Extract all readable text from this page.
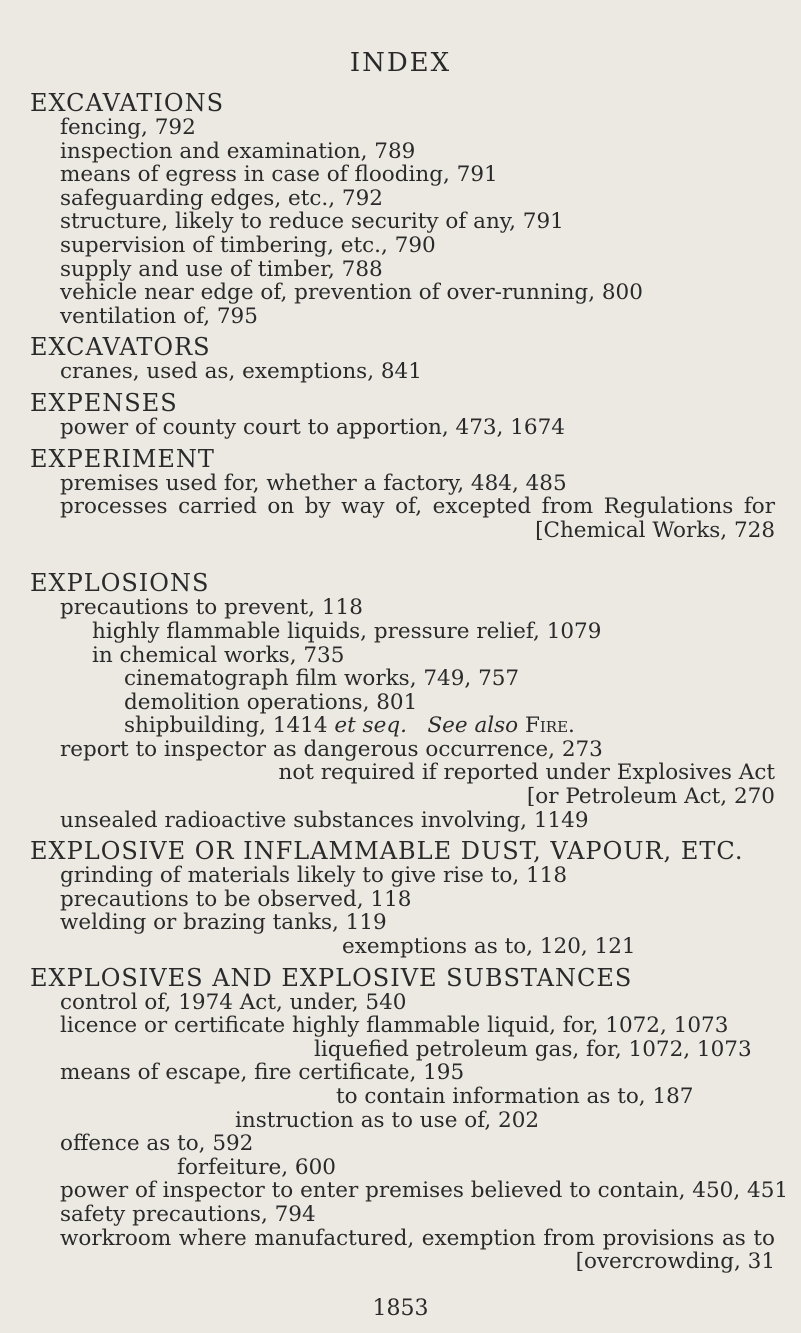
INDEX
EXCAVATIONS
fencing, 792
inspection and examination, 789
means of egress in case of flooding, 791
safeguarding edges, etc., 792
structure, likely to reduce security of any, 791
supervision of timbering, etc., 790
supply and use of timber, 788
vehicle near edge of, prevention of over-running, 800
ventilation of, 795
EXCAVATORS
cranes, used as, exemptions, 841
EXPENSES
power of county court to apportion, 473, 1674
EXPERIMENT
premises used for, whether a factory, 484, 485
processes carried on by way of, excepted from Regulations for
[Chemical Works, 728
EXPLOSIONS
precautions to prevent, 118
highly flammable liquids, pressure relief, 1079
in chemical works, 735
cinematograph film works, 749, 757
demolition operations, 801
shipbuilding, 1414 et seq. See also Fire.
report to inspector as dangerous occurrence, 273
not required if reported under Explosives Act
[or Petroleum Act, 270
unsealed radioactive substances involving, 1149
EXPLOSIVE OR INFLAMMABLE DUST, VAPOUR, ETC.
grinding of materials likely to give rise to, 118
precautions to be observed, 118
welding or brazing tanks, 119
exemptions as to, 120, 121
EXPLOSIVES AND EXPLOSIVE SUBSTANCES
control of, 1974 Act, under, 540
licence or certificate highly flammable liquid, for, 1072, 1073
liquefied petroleum gas, for, 1072, 1073
means of escape, fire certificate, 195
to contain information as to, 187
instruction as to use of, 202
offence as to, 592
forfeiture, 600
power of inspector to enter premises believed to contain, 450, 451
safety precautions, 794
workroom where manufactured, exemption from provisions as to
[overcrowding, 31
1853
